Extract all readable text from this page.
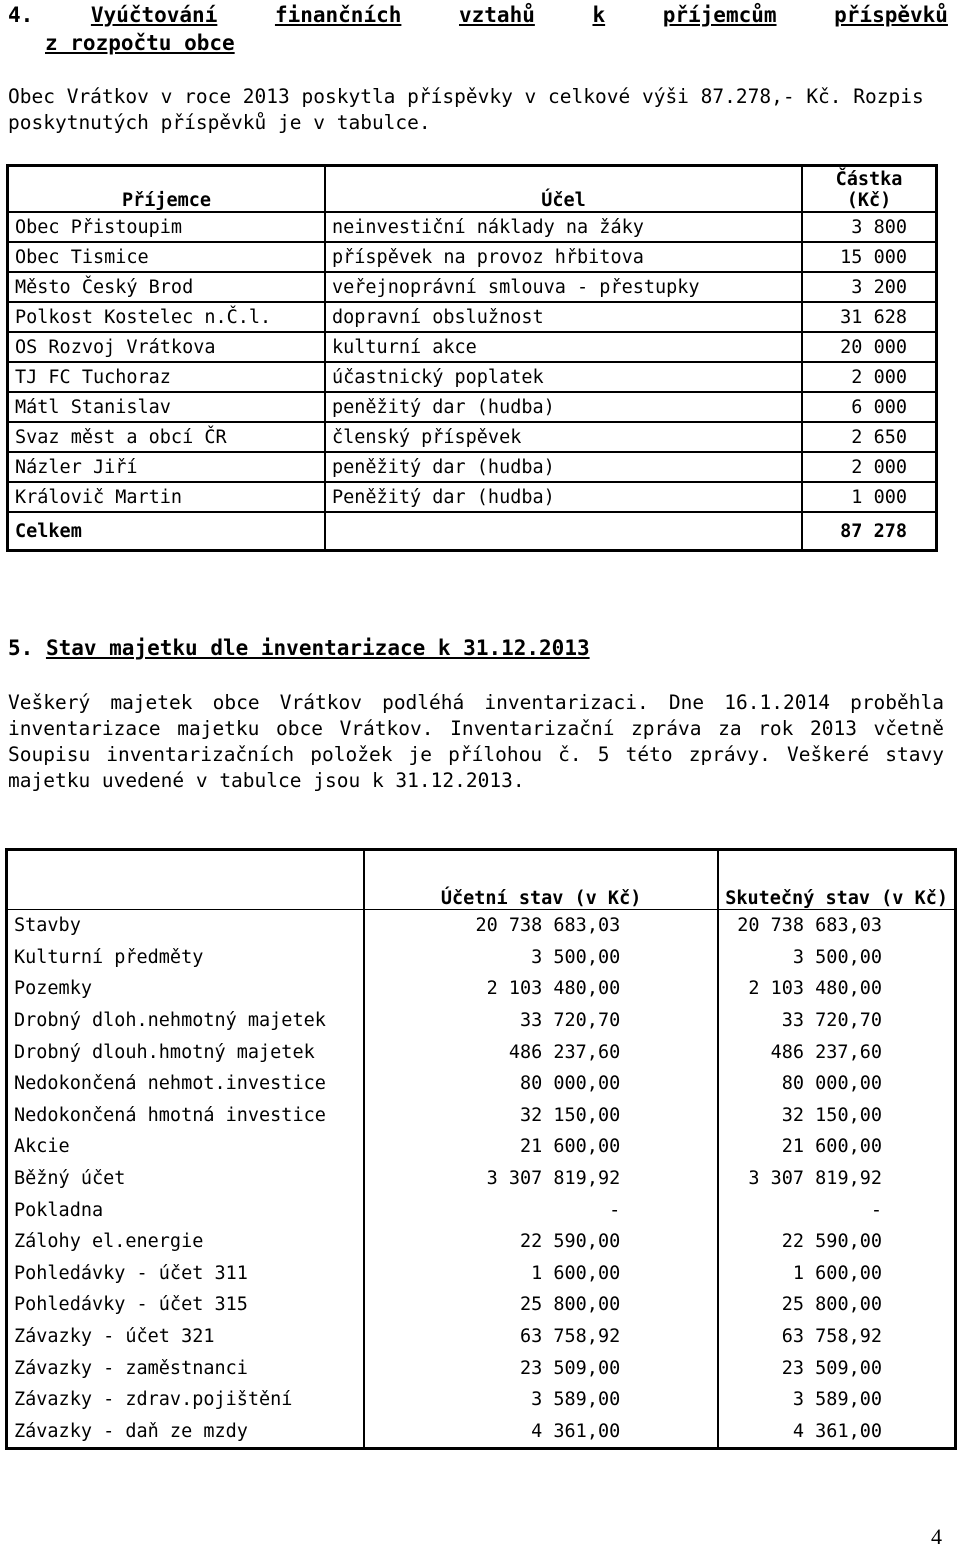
4.	Vyúčtování	finančních	vztahů	k	příjemcům	příspěvků
z rozpočtu obce

Obec Vrátkov v roce 2013 poskytla příspěvky v celkové výši 87.278,- Kč. Rozpis poskytnutých příspěvků je v tabulce.

Příjemce	Účel	Částka
(Kč)
Obec Přistoupim	neinvestiční náklady na žáky	3 800
Obec Tismice	příspěvek na provoz hřbitova	15 000
Město Český Brod	veřejnoprávní smlouva - přestupky	3 200
Polkost Kostelec n.Č.l.	dopravní obslužnost	31 628
OS Rozvoj Vrátkova	kulturní akce	20 000
TJ FC Tuchoraz	účastnický poplatek	2 000
Mátl Stanislav	peněžitý dar (hudba)	6 000
Svaz měst a obcí ČR	členský příspěvek	2 650
Názler Jiří	peněžitý dar (hudba)	2 000
Královič Martin	Peněžitý dar (hudba)	1 000
Celkem		87 278
5. Stav majetku dle inventarizace k 31.12.2013

Veškerý majetek obce Vrátkov podléhá inventarizaci. Dne 16.1.2014 proběhla inventarizace majetku obce Vrátkov. Inventarizační zpráva za rok 2013 včetně Soupisu inventarizačních položek je přílohou č. 5 této zprávy. Veškeré stavy majetku uvedené v tabulce jsou k 31.12.2013.

	Účetní stav (v Kč)	Skutečný stav (v Kč)
Stavby	20 738 683,03	20 738 683,03
Kulturní předměty	3 500,00	3 500,00
Pozemky	2 103 480,00	2 103 480,00
Drobný dloh.nehmotný majetek	33 720,70	33 720,70
Drobný dlouh.hmotný majetek	486 237,60	486 237,60
Nedokončená nehmot.investice	80 000,00	80 000,00
Nedokončená hmotná investice	32 150,00	32 150,00
Akcie	21 600,00	21 600,00
Běžný účet	3 307 819,92	3 307 819,92
Pokladna	-	-
Zálohy el.energie	22 590,00	22 590,00
Pohledávky - účet 311	1 600,00	1 600,00
Pohledávky - účet 315	25 800,00	25 800,00
Závazky - účet 321	63 758,92	63 758,92
Závazky - zaměstnanci	23 509,00	23 509,00
Závazky - zdrav.pojištění	3 589,00	3 589,00
Závazky - daň ze mzdy	4 361,00	4 361,00
4
